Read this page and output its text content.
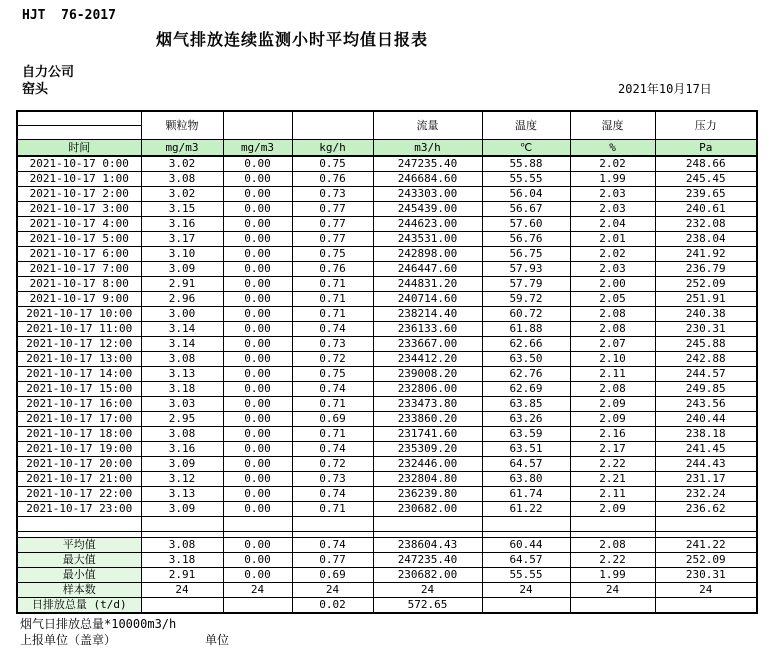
HJT  76-2017
烟气排放连续监测小时平均值日报表
自力公司
窑头	2021年10月17日
	颗粒物			流量	温度	湿度	压力

时间	mg/m3	mg/m3	kg/h	m3/h	℃	%	Pa
2021-10-17 0:00	3.02	0.00	0.75	247235.40	55.88	2.02	248.66
2021-10-17 1:00	3.08	0.00	0.76	246684.60	55.55	1.99	245.45
2021-10-17 2:00	3.02	0.00	0.73	243303.00	56.04	2.03	239.65
2021-10-17 3:00	3.15	0.00	0.77	245439.00	56.67	2.03	240.61
2021-10-17 4:00	3.16	0.00	0.77	244623.00	57.60	2.04	232.08
2021-10-17 5:00	3.17	0.00	0.77	243531.00	56.76	2.01	238.04
2021-10-17 6:00	3.10	0.00	0.75	242898.00	56.75	2.02	241.92
2021-10-17 7:00	3.09	0.00	0.76	246447.60	57.93	2.03	236.79
2021-10-17 8:00	2.91	0.00	0.71	244831.20	57.79	2.00	252.09
2021-10-17 9:00	2.96	0.00	0.71	240714.60	59.72	2.05	251.91
2021-10-17 10:00	3.00	0.00	0.71	238214.40	60.72	2.08	240.38
2021-10-17 11:00	3.14	0.00	0.74	236133.60	61.88	2.08	230.31
2021-10-17 12:00	3.14	0.00	0.73	233667.00	62.66	2.07	245.88
2021-10-17 13:00	3.08	0.00	0.72	234412.20	63.50	2.10	242.88
2021-10-17 14:00	3.13	0.00	0.75	239008.20	62.76	2.11	244.57
2021-10-17 15:00	3.18	0.00	0.74	232806.00	62.69	2.08	249.85
2021-10-17 16:00	3.03	0.00	0.71	233473.80	63.85	2.09	243.56
2021-10-17 17:00	2.95	0.00	0.69	233860.20	63.26	2.09	240.44
2021-10-17 18:00	3.08	0.00	0.71	231741.60	63.59	2.16	238.18
2021-10-17 19:00	3.16	0.00	0.74	235309.20	63.51	2.17	241.45
2021-10-17 20:00	3.09	0.00	0.72	232446.00	64.57	2.22	244.43
2021-10-17 21:00	3.12	0.00	0.73	232804.80	63.80	2.21	231.17
2021-10-17 22:00	3.13	0.00	0.74	236239.80	61.74	2.11	232.24
2021-10-17 23:00	3.09	0.00	0.71	230682.00	61.22	2.09	236.62

平均值	3.08	0.00	0.74	238604.43	60.44	2.08	241.22
最大值	3.18	0.00	0.77	247235.40	64.57	2.22	252.09
最小值	2.91	0.00	0.69	230682.00	55.55	1.99	230.31
样本数	24	24	24	24	24	24	24
日排放总量 (t/d)			0.02	572.65			
烟气日排放总量*10000m3/h
上报单位（盖章）	单位
